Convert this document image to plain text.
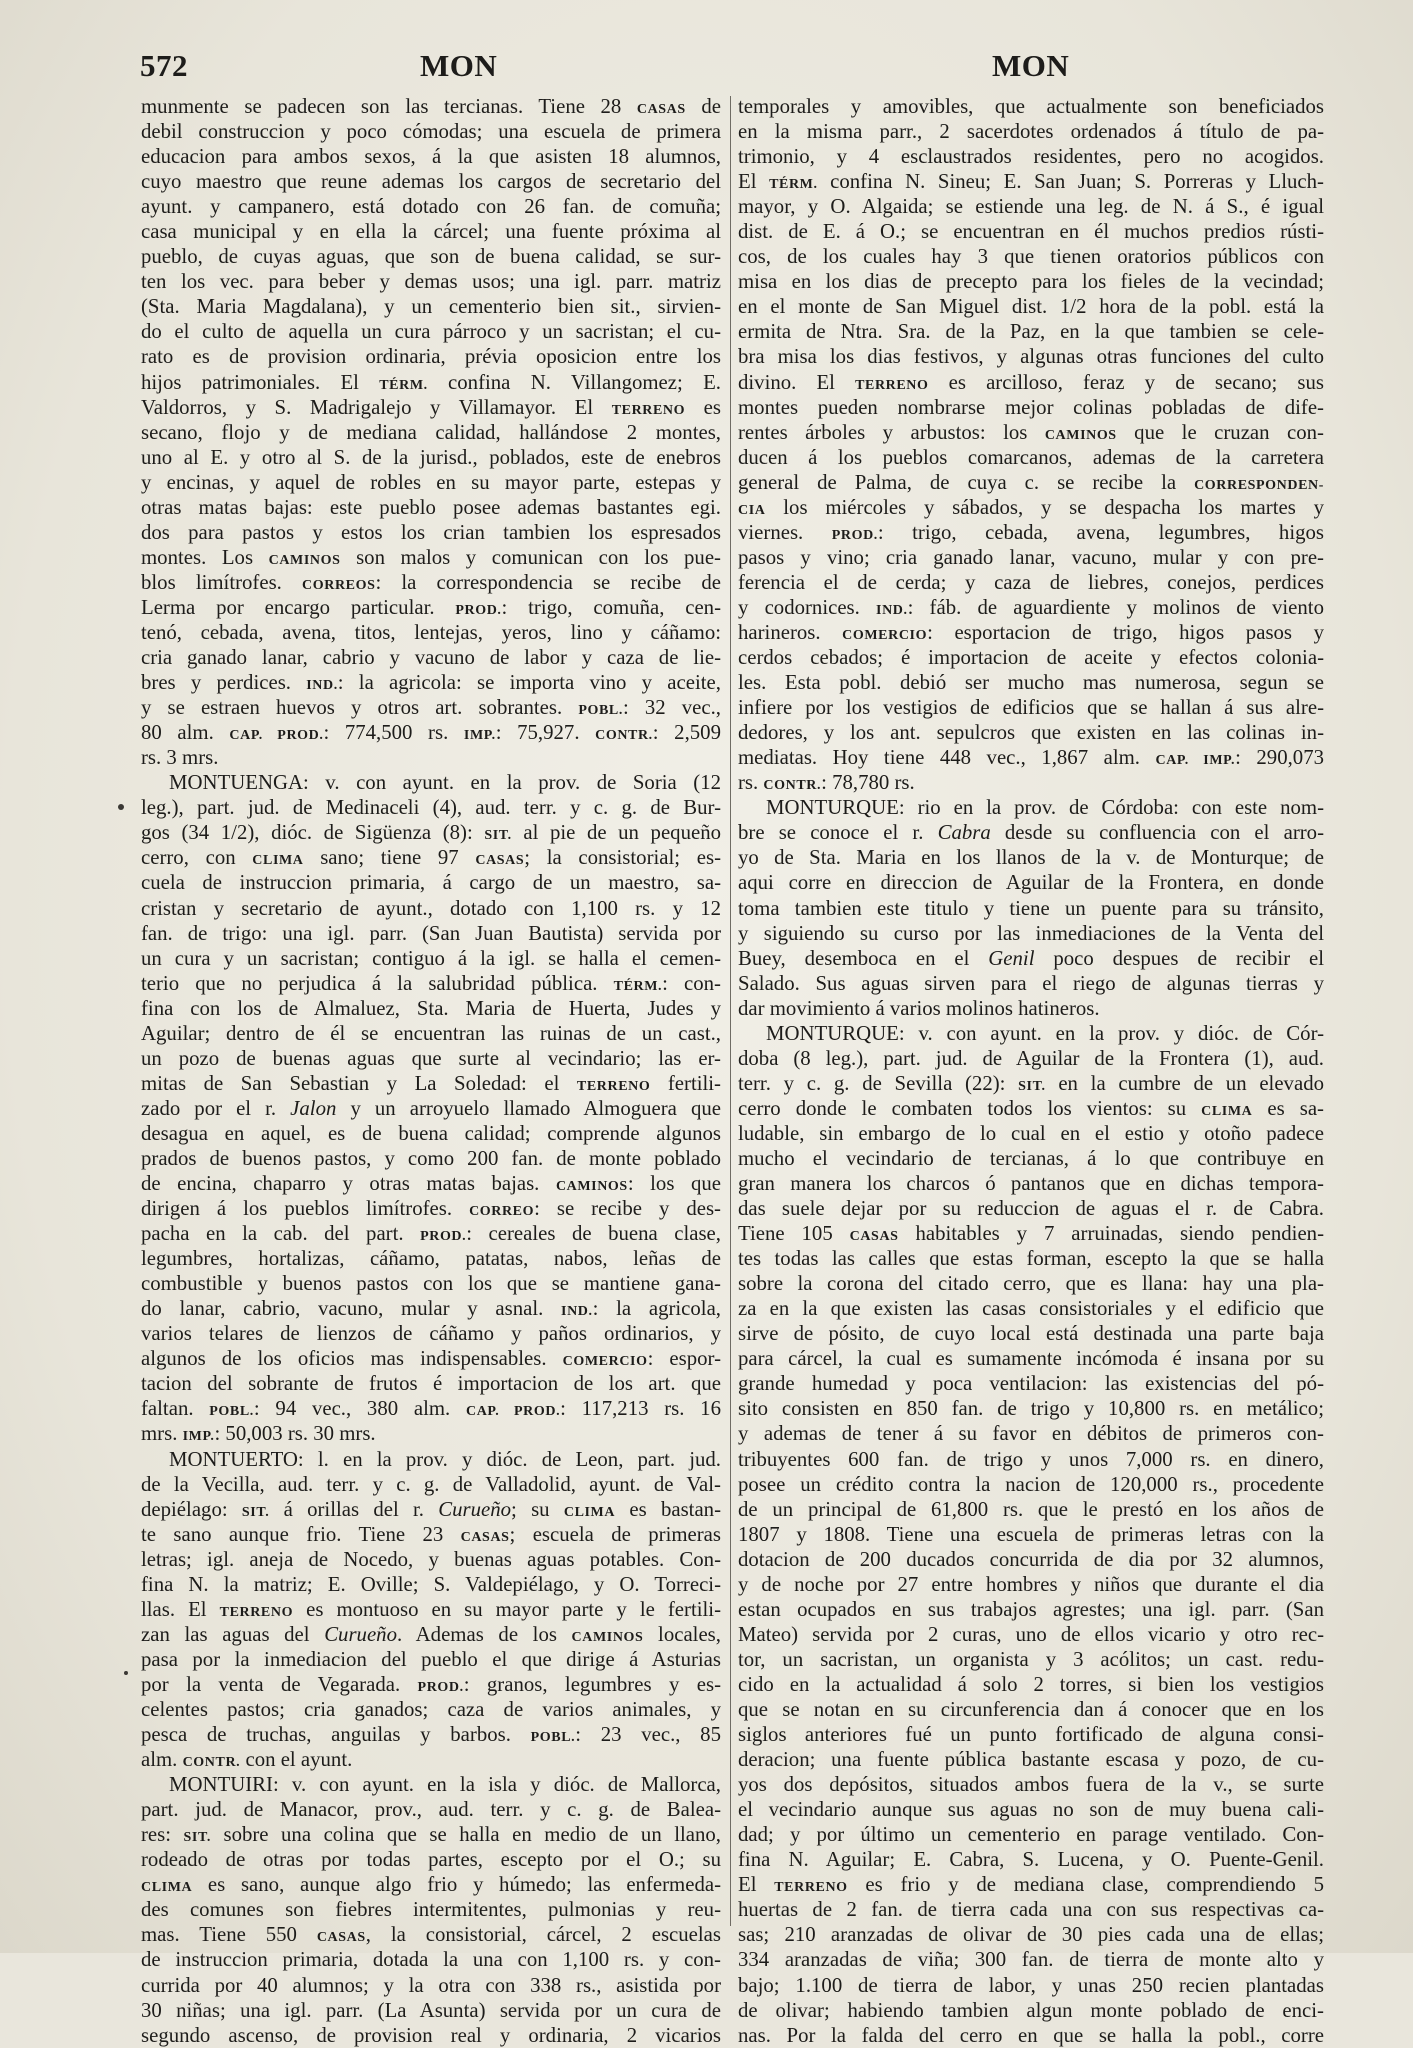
572	MON	MON
munmente se padecen son las tercianas. Tiene 28 CASAS de
debil construccion y poco cómodas; una escuela de primera
educacion para ambos sexos, á la que asisten 18 alumnos,
cuyo maestro que reune ademas los cargos de secretario del
ayunt. y campanero, está dotado con 26 fan. de comuña;
casa municipal y en ella la cárcel; una fuente próxima al
pueblo, de cuyas aguas, que son de buena calidad, se sur-
ten los vec. para beber y demas usos; una igl. parr. matriz
(Sta. Maria Magdalana), y un cementerio bien sit., sirvien-
do el culto de aquella un cura párroco y un sacristan; el cu-
rato es de provision ordinaria, prévia oposicion entre los
hijos patrimoniales. El TÉRM. confina N. Villangomez; E.
Valdorros, y S. Madrigalejo y Villamayor. El TERRENO es
secano, flojo y de mediana calidad, hallándose 2 montes,
uno al E. y otro al S. de la jurisd., poblados, este de enebros
y encinas, y aquel de robles en su mayor parte, estepas y
otras matas bajas: este pueblo posee ademas bastantes egi.
dos para pastos y estos los crian tambien los espresados
montes. Los CAMINOS son malos y comunican con los pue-
blos limítrofes. CORREOS: la correspondencia se recibe de
Lerma por encargo particular. PROD.: trigo, comuña, cen-
tenó, cebada, avena, titos, lentejas, yeros, lino y cáñamo:
cria ganado lanar, cabrio y vacuno de labor y caza de lie-
bres y perdices. IND.: la agricola: se importa vino y aceite,
y se estraen huevos y otros art. sobrantes. POBL.: 32 vec.,
80 alm. CAP. PROD.: 774,500 rs. IMP.: 75,927. CONTR.: 2,509
rs. 3 mrs.
MONTUENGA: v. con ayunt. en la prov. de Soria (12
leg.), part. jud. de Medinaceli (4), aud. terr. y c. g. de Bur-
gos (34 1/2), dióc. de Sigüenza (8): SIT. al pie de un pequeño
cerro, con CLIMA sano; tiene 97 CASAS; la consistorial; es-
cuela de instruccion primaria, á cargo de un maestro, sa-
cristan y secretario de ayunt., dotado con 1,100 rs. y 12
fan. de trigo: una igl. parr. (San Juan Bautista) servida por
un cura y un sacristan; contiguo á la igl. se halla el cemen-
terio que no perjudica á la salubridad pública. TÉRM.: con-
fina con los de Almaluez, Sta. Maria de Huerta, Judes y
Aguilar; dentro de él se encuentran las ruinas de un cast.,
un pozo de buenas aguas que surte al vecindario; las er-
mitas de San Sebastian y La Soledad: el TERRENO fertili-
zado por el r. Jalon y un arroyuelo llamado Almoguera que
desagua en aquel, es de buena calidad; comprende algunos
prados de buenos pastos, y como 200 fan. de monte poblado
de encina, chaparro y otras matas bajas. CAMINOS: los que
dirigen á los pueblos limítrofes. CORREO: se recibe y des-
pacha en la cab. del part. PROD.: cereales de buena clase,
legumbres, hortalizas, cáñamo, patatas, nabos, leñas de
combustible y buenos pastos con los que se mantiene gana-
do lanar, cabrio, vacuno, mular y asnal. IND.: la agricola,
varios telares de lienzos de cáñamo y paños ordinarios, y
algunos de los oficios mas indispensables. COMERCIO: espor-
tacion del sobrante de frutos é importacion de los art. que
faltan. POBL.: 94 vec., 380 alm. CAP. PROD.: 117,213 rs. 16
mrs. IMP.: 50,003 rs. 30 mrs.
MONTUERTO: l. en la prov. y dióc. de Leon, part. jud.
de la Vecilla, aud. terr. y c. g. de Valladolid, ayunt. de Val-
depiélago: SIT. á orillas del r. Curueño; su CLIMA es bastan-
te sano aunque frio. Tiene 23 CASAS; escuela de primeras
letras; igl. aneja de Nocedo, y buenas aguas potables. Con-
fina N. la matriz; E. Oville; S. Valdepiélago, y O. Torreci-
llas. El TERRENO es montuoso en su mayor parte y le fertili-
zan las aguas del Curueño. Ademas de los CAMINOS locales,
pasa por la inmediacion del pueblo el que dirige á Asturias
por la venta de Vegarada. PROD.: granos, legumbres y es-
celentes pastos; cria ganados; caza de varios animales, y
pesca de truchas, anguilas y barbos. POBL.: 23 vec., 85
alm. CONTR. con el ayunt.
MONTUIRI: v. con ayunt. en la isla y dióc. de Mallorca,
part. jud. de Manacor, prov., aud. terr. y c. g. de Balea-
res: SIT. sobre una colina que se halla en medio de un llano,
rodeado de otras por todas partes, escepto por el O.; su
CLIMA es sano, aunque algo frio y húmedo; las enfermeda-
des comunes son fiebres intermitentes, pulmonias y reu-
mas. Tiene 550 CASAS, la consistorial, cárcel, 2 escuelas
de instruccion primaria, dotada la una con 1,100 rs. y con-
currida por 40 alumnos; y la otra con 338 rs., asistida por
30 niñas; una igl. parr. (La Asunta) servida por un cura de
segundo ascenso, de provision real y ordinaria, 2 vicarios
temporales y amovibles, que actualmente son beneficiados
en la misma parr., 2 sacerdotes ordenados á título de pa-
trimonio, y 4 esclaustrados residentes, pero no acogidos.
El TÉRM. confina N. Sineu; E. San Juan; S. Porreras y Lluch-
mayor, y O. Algaida; se estiende una leg. de N. á S., é igual
dist. de E. á O.; se encuentran en él muchos predios rústi-
cos, de los cuales hay 3 que tienen oratorios públicos con
misa en los dias de precepto para los fieles de la vecindad;
en el monte de San Miguel dist. 1/2 hora de la pobl. está la
ermita de Ntra. Sra. de la Paz, en la que tambien se cele-
bra misa los dias festivos, y algunas otras funciones del culto
divino. El TERRENO es arcilloso, feraz y de secano; sus
montes pueden nombrarse mejor colinas pobladas de dife-
rentes árboles y arbustos: los CAMINOS que le cruzan con-
ducen á los pueblos comarcanos, ademas de la carretera
general de Palma, de cuya c. se recibe la CORRESPONDEN-
CIA los miércoles y sábados, y se despacha los martes y
viernes. PROD.: trigo, cebada, avena, legumbres, higos
pasos y vino; cria ganado lanar, vacuno, mular y con pre-
ferencia el de cerda; y caza de liebres, conejos, perdices
y codornices. IND.: fáb. de aguardiente y molinos de viento
harineros. COMERCIO: esportacion de trigo, higos pasos y
cerdos cebados; é importacion de aceite y efectos colonia-
les. Esta pobl. debió ser mucho mas numerosa, segun se
infiere por los vestigios de edificios que se hallan á sus alre-
dedores, y los ant. sepulcros que existen en las colinas in-
mediatas. Hoy tiene 448 vec., 1,867 alm. CAP. IMP.: 290,073
rs. CONTR.: 78,780 rs.
MONTURQUE: rio en la prov. de Córdoba: con este nom-
bre se conoce el r. Cabra desde su confluencia con el arro-
yo de Sta. Maria en los llanos de la v. de Monturque; de
aqui corre en direccion de Aguilar de la Frontera, en donde
toma tambien este titulo y tiene un puente para su tránsito,
y siguiendo su curso por las inmediaciones de la Venta del
Buey, desemboca en el Genil poco despues de recibir el
Salado. Sus aguas sirven para el riego de algunas tierras y
dar movimiento á varios molinos hatineros.
MONTURQUE: v. con ayunt. en la prov. y dióc. de Cór-
doba (8 leg.), part. jud. de Aguilar de la Frontera (1), aud.
terr. y c. g. de Sevilla (22): SIT. en la cumbre de un elevado
cerro donde le combaten todos los vientos: su CLIMA es sa-
ludable, sin embargo de lo cual en el estio y otoño padece
mucho el vecindario de tercianas, á lo que contribuye en
gran manera los charcos ó pantanos que en dichas tempora-
das suele dejar por su reduccion de aguas el r. de Cabra.
Tiene 105 CASAS habitables y 7 arruinadas, siendo pendien-
tes todas las calles que estas forman, escepto la que se halla
sobre la corona del citado cerro, que es llana: hay una pla-
za en la que existen las casas consistoriales y el edificio que
sirve de pósito, de cuyo local está destinada una parte baja
para cárcel, la cual es sumamente incómoda é insana por su
grande humedad y poca ventilacion: las existencias del pó-
sito consisten en 850 fan. de trigo y 10,800 rs. en metálico;
y ademas de tener á su favor en débitos de primeros con-
tribuyentes 600 fan. de trigo y unos 7,000 rs. en dinero,
posee un crédito contra la nacion de 120,000 rs., procedente
de un principal de 61,800 rs. que le prestó en los años de
1807 y 1808. Tiene una escuela de primeras letras con la
dotacion de 200 ducados concurrida de dia por 32 alumnos,
y de noche por 27 entre hombres y niños que durante el dia
estan ocupados en sus trabajos agrestes; una igl. parr. (San
Mateo) servida por 2 curas, uno de ellos vicario y otro rec-
tor, un sacristan, un organista y 3 acólitos; un cast. redu-
cido en la actualidad á solo 2 torres, si bien los vestigios
que se notan en su circunferencia dan á conocer que en los
siglos anteriores fué un punto fortificado de alguna consi-
deracion; una fuente pública bastante escasa y pozo, de cu-
yos dos depósitos, situados ambos fuera de la v., se surte
el vecindario aunque sus aguas no son de muy buena cali-
dad; y por último un cementerio en parage ventilado. Con-
fina N. Aguilar; E. Cabra, S. Lucena, y O. Puente-Genil.
El TERRENO es frio y de mediana clase, comprendiendo 5
huertas de 2 fan. de tierra cada una con sus respectivas ca-
sas; 210 aranzadas de olivar de 30 pies cada una de ellas;
334 aranzadas de viña; 300 fan. de tierra de monte alto y
bajo; 1.100 de tierra de labor, y unas 250 recien plantadas
de olivar; habiendo tambien algun monte poblado de enci-
nas. Por la falda del cerro en que se halla la pobl., corre
